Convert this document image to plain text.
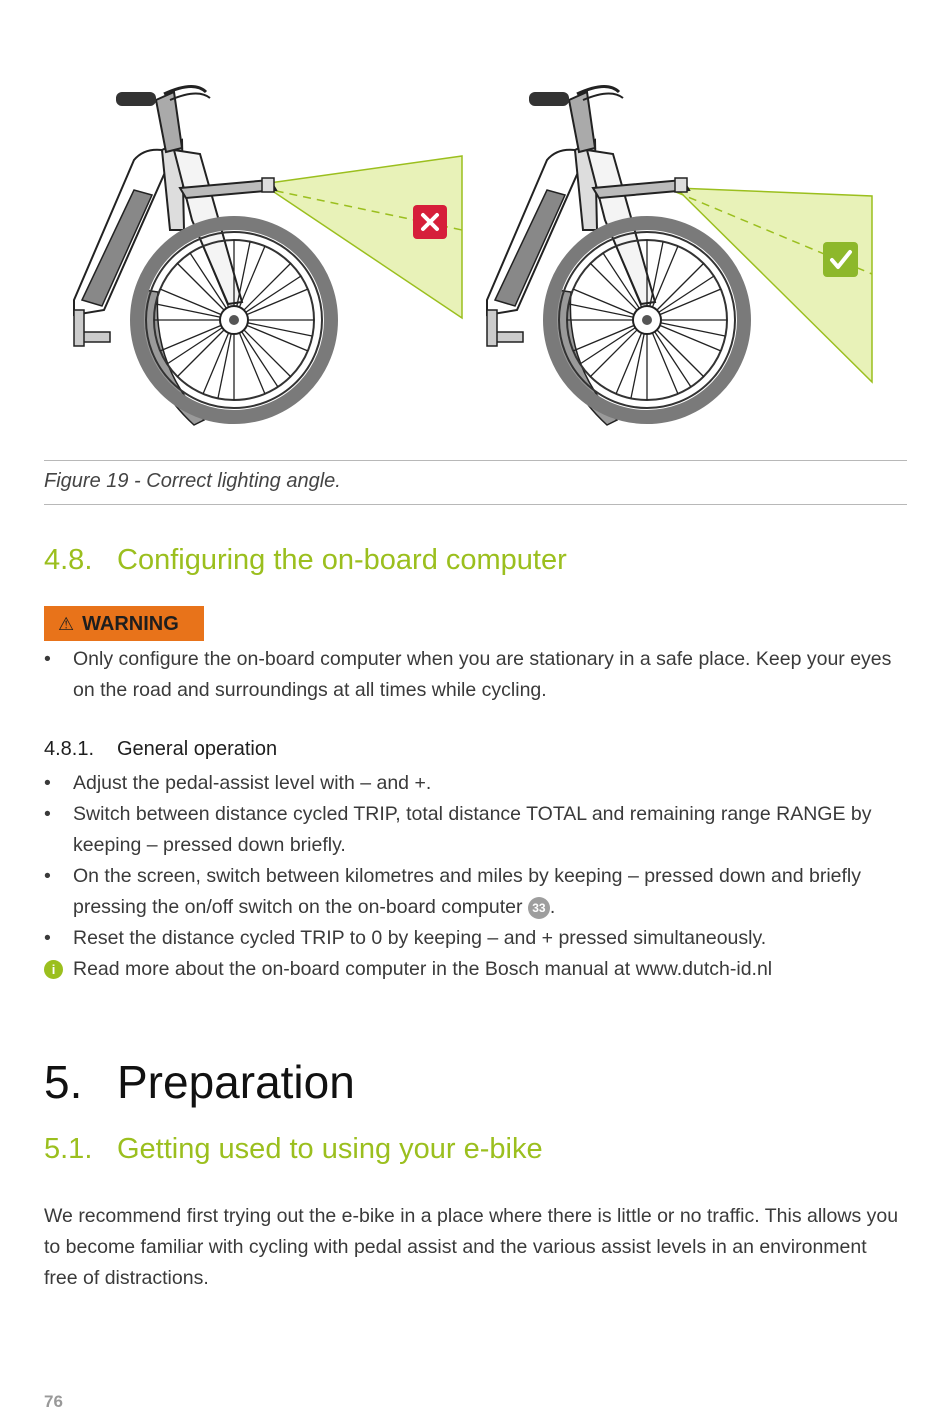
Figure 19 - Correct lighting angle.
4.8. Configuring the on-board computer
⚠ WARNING
• Only configure the on-board computer when you are stationary in a safe place. Keep your eyes on the road and surroundings at all times while cycling.
4.8.1. General operation
• Adjust the pedal-assist level with – and +.
• Switch between distance cycled TRIP, total distance TOTAL and remaining range RANGE by keeping – pressed down briefly.
• On the screen, switch between kilometres and miles by keeping – pressed down and briefly pressing the on/off switch on the on-board computer 33 .
• Reset the distance cycled TRIP to 0 by keeping – and + pressed simultaneously.
i Read more about the on-board computer in the Bosch manual at www.dutch-id.nl
5. Preparation
5.1. Getting used to using your e-bike
We recommend first trying out the e-bike in a place where there is little or no traffic. This allows you to become familiar with cycling with pedal assist and the various assist levels in an environment free of distractions.
76
